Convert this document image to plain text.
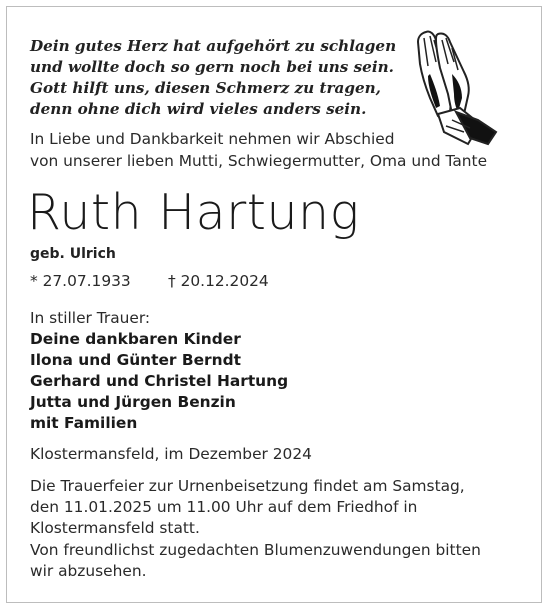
Dein gutes Herz hat aufgehört zu schlagen
und wollte doch so gern noch bei uns sein.
Gott hilft uns, diesen Schmerz zu tragen,
denn ohne dich wird vieles anders sein.
In Liebe und Dankbarkeit nehmen wir Abschied
von unserer lieben Mutti, Schwiegermutter, Oma und Tante
Ruth Hartung
geb. Ulrich
* 27.07.1933 † 20.12.2024
In stiller Trauer:
Deine dankbaren Kinder
Ilona und Günter Berndt
Gerhard und Christel Hartung
Jutta und Jürgen Benzin
mit Familien
Klostermansfeld, im Dezember 2024
Die Trauerfeier zur Urnenbeisetzung findet am Samstag,
den 11.01.2025 um 11.00 Uhr auf dem Friedhof in
Klostermansfeld statt.
Von freundlichst zugedachten Blumenzuwendungen bitten
wir abzusehen.
